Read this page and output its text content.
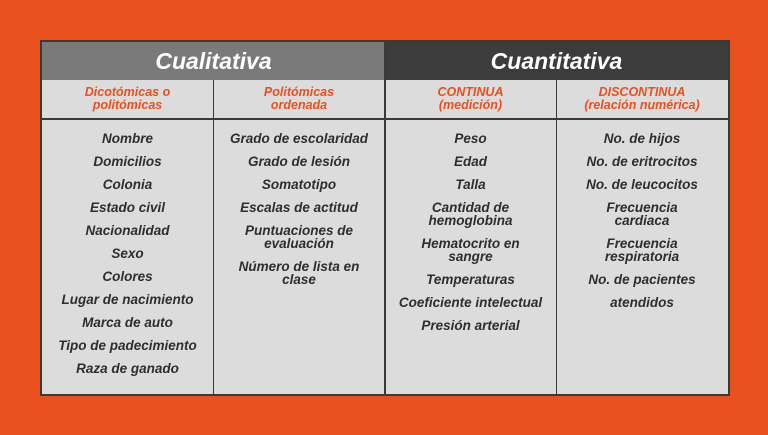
Cualitativa	Cuantitativa
Dicotómicas o
politómicas
Politómicas
ordenada
CONTINUA
(medición)
DISCONTINUA
(relación numérica)
Nombre
Domicilios
Colonia
Estado civil
Nacionalidad
Sexo
Colores
Lugar de nacimiento
Marca de auto
Tipo de padecimiento
Raza de ganado
Grado de escolaridad
Grado de lesión
Somatotipo
Escalas de actitud
Puntuaciones de evaluación
Número de lista en clase
Peso
Edad
Talla
Cantidad de hemoglobina
Hematocrito en sangre
Temperaturas
Coeficiente intelectual
Presión arterial
No. de hijos
No. de eritrocitos
No. de leucocitos
Frecuencia cardiaca
Frecuencia respiratoria
No. de pacientes
atendidos
